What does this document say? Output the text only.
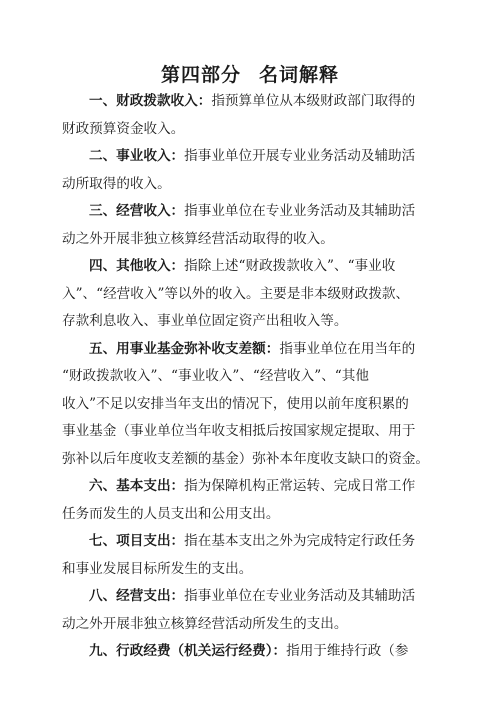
第四部分 名词解释
一、财政拨款收入：指预算单位从本级财政部门取得的
财政预算资金收入。
二、事业收入：指事业单位开展专业业务活动及辅助活
动所取得的收入。
三、经营收入：指事业单位在专业业务活动及其辅助活
动之外开展非独立核算经营活动取得的收入。
四、其他收入：指除上述“财政拨款收入”、“事业收
入”、“经营收入”等以外的收入。主要是非本级财政拨款、
存款利息收入、事业单位固定资产出租收入等。
五、用事业基金弥补收支差额：指事业单位在用当年的
“财政拨款收入”、“事业收入”、“经营收入”、“其他
收入”不足以安排当年支出的情况下，使用以前年度积累的
事业基金（事业单位当年收支相抵后按国家规定提取、用于
弥补以后年度收支差额的基金）弥补本年度收支缺口的资金。
六、基本支出：指为保障机构正常运转、完成日常工作
任务而发生的人员支出和公用支出。
七、项目支出：指在基本支出之外为完成特定行政任务
和事业发展目标所发生的支出。
八、经营支出：指事业单位在专业业务活动及其辅助活
动之外开展非独立核算经营活动所发生的支出。
九、行政经费（机关运行经费）：指用于维持行政（参
